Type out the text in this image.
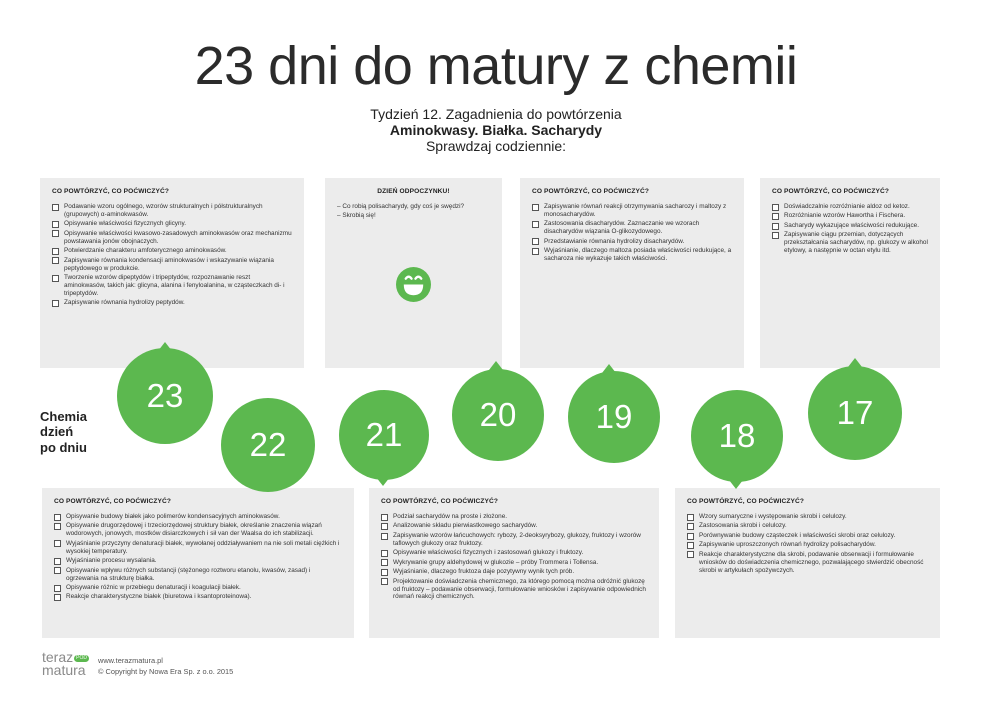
23 dni do matury z chemii
Tydzień 12. Zagadnienia do powtórzenia
Aminokwasy. Białka. Sacharydy
Sprawdzaj codziennie:
CO POWTÓRZYĆ, CO POĆWICZYĆ?
Podawanie wzoru ogólnego, wzorów strukturalnych i półstrukturalnych (grupowych) α-aminokwasów.
Opisywanie właściwości fizycznych glicyny.
Opisywanie właściwości kwasowo-zasadowych aminokwasów oraz mechanizmu powstawania jonów obojnaczych.
Potwierdzanie charakteru amfoterycznego aminokwasów.
Zapisywanie równania kondensacji aminokwasów i wskazywanie wiązania peptydowego w produkcie.
Tworzenie wzorów dipeptydów i tripeptydów, rozpoznawanie reszt aminokwasów, takich jak: glicyna, alanina i fenyloalanina, w cząsteczkach di- i tripeptydów.
Zapisywanie równania hydrolizy peptydów.
DZIEŃ ODPOCZYNKU!
– Co robią polisacharydy, gdy coś je swędzi?
– Skrobią się!
CO POWTÓRZYĆ, CO POĆWICZYĆ?
Zapisywanie równań reakcji otrzymywania sacharozy i maltozy z monosacharydów.
Zastosowania disacharydów. Zaznaczanie we wzorach disacharydów wiązania O-glikozydowego.
Przedstawianie równania hydrolizy disacharydów.
Wyjaśnianie, dlaczego maltoza posiada właściwości redukujące, a sacharoza nie wykazuje takich właściwości.
CO POWTÓRZYĆ, CO POĆWICZYĆ?
Doświadczalnie rozróżnianie aldoz od ketoz.
Rozróżnianie wzorów Hawortha i Fischera.
Sacharydy wykazujące właściwości redukujące.
Zapisywanie ciągu przemian, dotyczących przekształcania sacharydów, np. glukozy w alkohol etylowy, a następnie w octan etylu itd.
CO POWTÓRZYĆ, CO POĆWICZYĆ?
Opisywanie budowy białek jako polimerów kondensacyjnych aminokwasów.
Opisywanie drugorzędowej i trzeciorzędowej struktury białek, określanie znaczenia wiązań wodorowych, jonowych, mostków disiarczkowych i sił van der Waalsa do ich stabilizacji.
Wyjaśnianie przyczyny denaturacji białek, wywołanej oddziaływaniem na nie soli metali ciężkich i wysokiej temperatury.
Wyjaśnianie procesu wysalania.
Opisywanie wpływu różnych substancji (stężonego roztworu etanolu, kwasów, zasad) i ogrzewania na strukturę białka.
Opisywanie różnic w przebiegu denaturacji i koagulacji białek.
Reakcje charakterystyczne białek (biuretowa i ksantoproteinowa).
CO POWTÓRZYĆ, CO POĆWICZYĆ?
Podział sacharydów na proste i złożone.
Analizowanie składu pierwiastkowego sacharydów.
Zapisywanie wzorów łańcuchowych: rybozy, 2-deoksyrybozy, glukozy, fruktozy i wzorów taflowych glukozy oraz fruktozy.
Opisywanie właściwości fizycznych i zastosowań glukozy i fruktozy.
Wykrywanie grupy aldehydowej w glukozie – próby Trommera i Tollensa.
Wyjaśnianie, dlaczego fruktoza daje pozytywny wynik tych prób.
Projektowanie doświadczenia chemicznego, za którego pomocą można odróżnić glukozę od fruktozy – podawanie obserwacji, formułowanie wniosków i zapisywanie odpowiednich równań reakcji chemicznych.
CO POWTÓRZYĆ, CO POĆWICZYĆ?
Wzory sumaryczne i występowanie skrobi i celulozy.
Zastosowania skrobi i celulozy.
Porównywanie budowy cząsteczek i właściwości skrobi oraz celulozy.
Zapisywanie uproszczonych równań hydrolizy polisacharydów.
Reakcje charakterystyczne dla skrobi, podawanie obserwacji i formułowanie wniosków do doświadczenia chemicznego, pozwalającego stwierdzić obecność skrobi w artykułach spożywczych.
Chemia
dzień
po dniu
23
22	21
20	19
18
17
teraz POD
matura
www.terazmatura.pl
© Copyright by Nowa Era Sp. z o.o. 2015
